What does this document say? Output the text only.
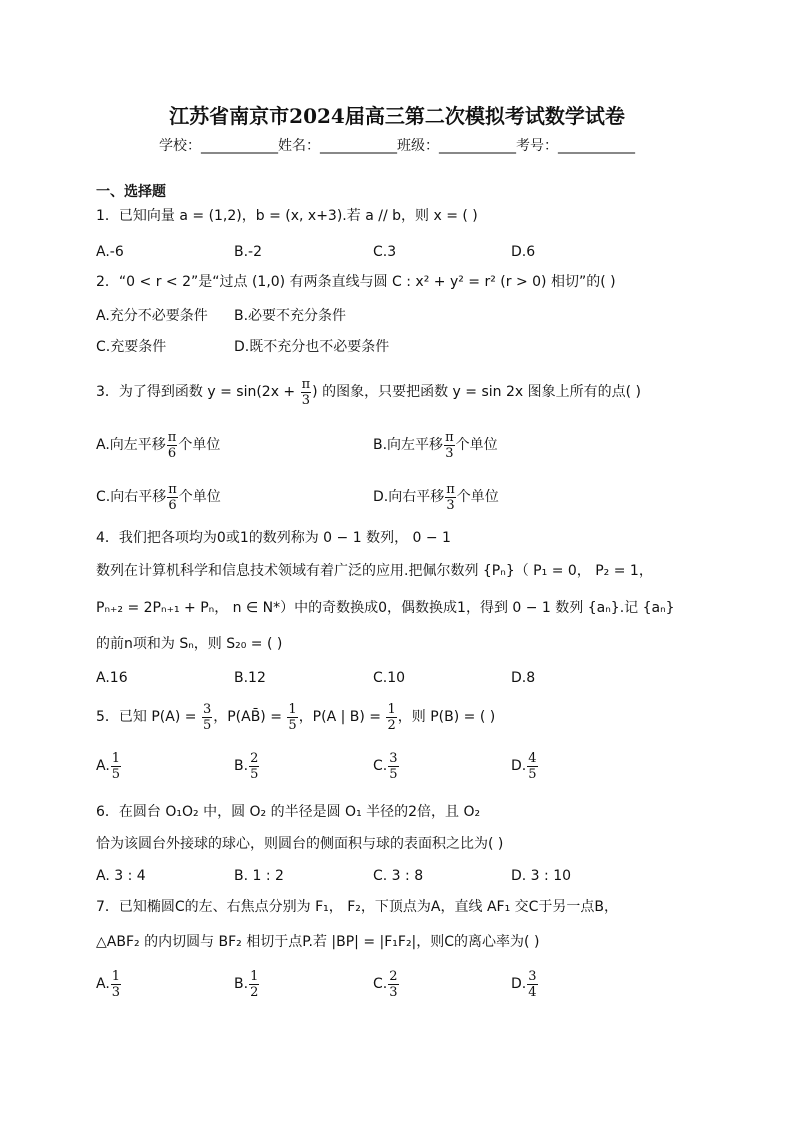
江苏省南京市2024届高三第二次模拟考试数学试卷
学校：___________姓名：___________班级：___________考号：___________
一、选择题
1．已知向量 a = (1,2)，b = (x, x+3).若 a // b，则 x = ( )
A.-6	B.-2	C.3	D.6
2．“0 < r < 2”是“过点 (1,0) 有两条直线与圆 C : x² + y² = r² (r > 0) 相切”的( )
A.充分不必要条件 B.必要不充分条件
C.充要条件	D.既不充分也不必要条件
3．为了得到函数 $y = \sin(2x + \frac{\pi}{3}$ ) 的图象，只要把函数 y = sin 2x 图象上所有的点( )
A.向左平移 $\frac{\pi}{6}$ 个单位	B.向左平移 $\frac{\pi}{3}$ 个单位
C.向右平移 $\frac{\pi}{6}$ 个单位	D.向右平移 $\frac{\pi}{3}$ 个单位
4．我们把各项均为0或1的数列称为 0 − 1 数列， 0 − 1
数列在计算机科学和信息技术领域有着广泛的应用.把佩尔数列 {Pₙ}（ P₁ = 0， P₂ = 1，
Pₙ₊₂ = 2Pₙ₊₁ + Pₙ， n ∈ N*）中的奇数换成0，偶数换成1，得到 0 − 1 数列 {aₙ}.记 {aₙ}
的前n项和为 Sₙ，则 S₂₀ = ( )
A.16	B.12	C.10	D.8
5．已知 $P(A) = \frac{3}{5}$ ，P(AB̄) = $\frac{1}{5}$ ，P(A | $B) = \frac{1}{2}$ ，则 P(B) = ( )
A. $\frac{1}{5}$	B. $\frac{2}{5}$	C. $\frac{3}{5}$	D. $\frac{4}{5}$
6．在圆台 O₁O₂ 中，圆 O₂ 的半径是圆 O₁ 半径的2倍，且 O₂
恰为该圆台外接球的球心，则圆台的侧面积与球的表面积之比为( )
A. 3 : 4	B. 1 : 2	C. 3 : 8	D. 3 : 10
7．已知椭圆C的左、右焦点分别为 F₁， F₂，下顶点为A，直线 AF₁ 交C于另一点B，
△ABF₂ 的内切圆与 BF₂ 相切于点P.若 |BP| = |F₁F₂|，则C的离心率为( )
A. $\frac{1}{3}$	B. $\frac{1}{2}$	C. $\frac{2}{3}$	D. $\frac{3}{4}$
